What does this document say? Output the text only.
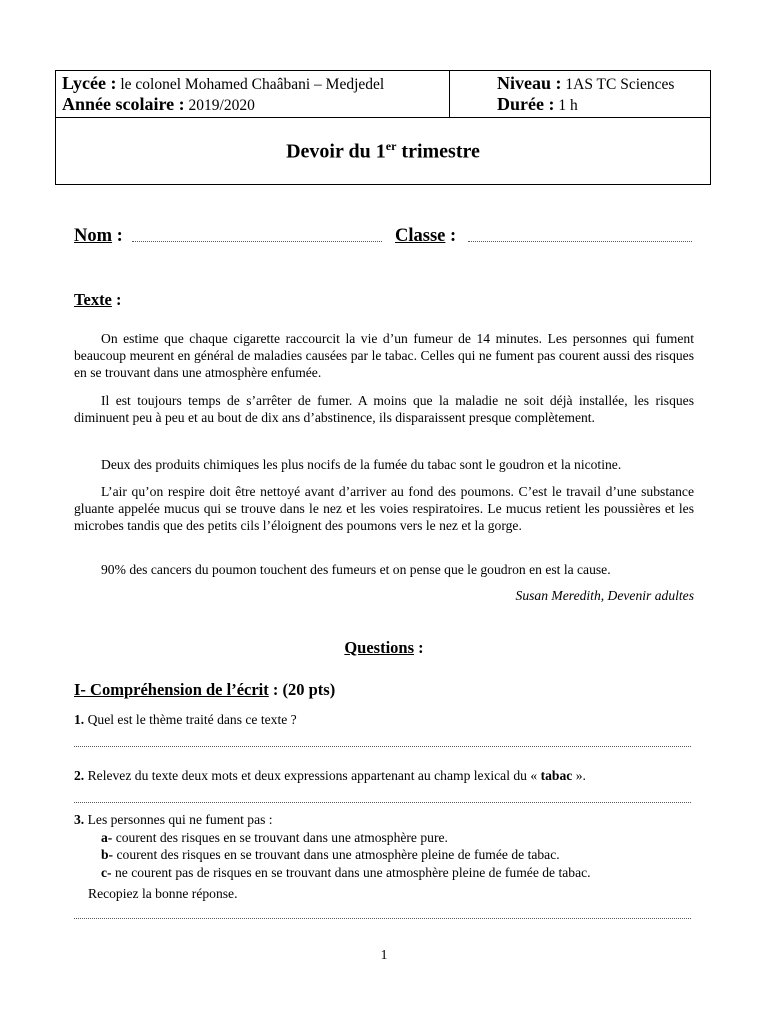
Lycée : le colonel Mohamed Chaâbani – Medjedel
Année scolaire : 2019/2020
Niveau : 1AS TC Sciences
Durée : 1 h
Devoir du 1er trimestre
Nom :	Classe :
Texte :

On estime que chaque cigarette raccourcit la vie d’un fumeur de 14 minutes. Les personnes qui fument beaucoup meurent en général de maladies causées par le tabac. Celles qui ne fument pas courent aussi des risques en se trouvant dans une atmosphère enfumée.

Il est toujours temps de s’arrêter de fumer. A moins que la maladie ne soit déjà installée, les risques diminuent peu à peu et au bout de dix ans d’abstinence, ils disparaissent presque complètement.

Deux des produits chimiques les plus nocifs de la fumée du tabac sont le goudron et la nicotine.

L’air qu’on respire doit être nettoyé avant d’arriver au fond des poumons. C’est le travail d’une substance gluante appelée mucus qui se trouve dans le nez et les voies respiratoires. Le mucus retient les poussières et les microbes tandis que des petits cils l’éloignent des poumons vers le nez et la gorge.

90% des cancers du poumon touchent des fumeurs et on pense que le goudron en est la cause.

Susan Meredith, Devenir adultes
Questions :
I- Compréhension de l’écrit : (20 pts)
1. Quel est le thème traité dans ce texte ?
2. Relevez du texte deux mots et deux expressions appartenant au champ lexical du « tabac ».
3. Les personnes qui ne fument pas :
a- courent des risques en se trouvant dans une atmosphère pure.
b- courent des risques en se trouvant dans une atmosphère pleine de fumée de tabac.
c- ne courent pas de risques en se trouvant dans une atmosphère pleine de fumée de tabac.
Recopiez la bonne réponse.
1
